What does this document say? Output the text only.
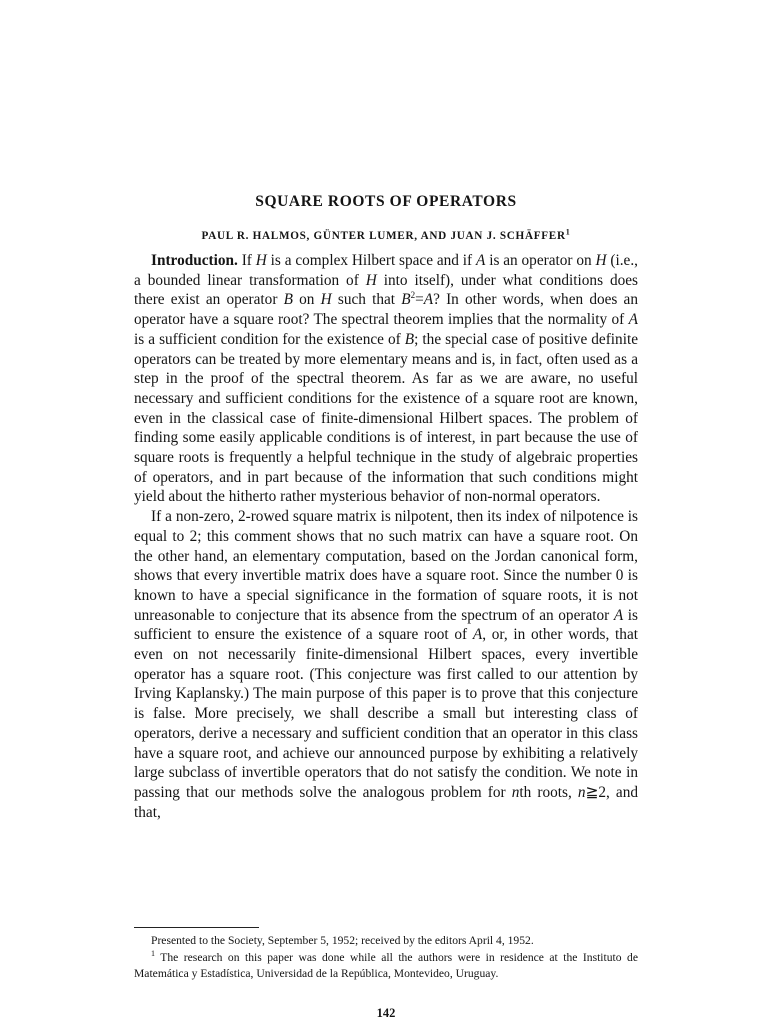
SQUARE ROOTS OF OPERATORS
PAUL R. HALMOS, GÜNTER LUMER, AND JUAN J. SCHÄFFER$^1$

Introduction. If H is a complex Hilbert space and if A is an operator on H (i.e., a bounded linear transformation of H into itself), under what conditions does there exist an operator B on H such that $B^2=A$? In other words, when does an operator have a square root? The spectral theorem implies that the normality of A is a sufficient condition for the existence of B; the special case of positive definite operators can be treated by more elementary means and is, in fact, often used as a step in the proof of the spectral theorem. As far as we are aware, no useful necessary and sufficient conditions for the existence of a square root are known, even in the classical case of finite-dimensional Hilbert spaces. The problem of finding some easily applicable conditions is of interest, in part because the use of square roots is frequently a helpful technique in the study of algebraic properties of operators, and in part because of the information that such conditions might yield about the hitherto rather mysterious behavior of non-normal operators.

If a non-zero, 2-rowed square matrix is nilpotent, then its index of nilpotence is equal to 2; this comment shows that no such matrix can have a square root. On the other hand, an elementary computation, based on the Jordan canonical form, shows that every invertible matrix does have a square root. Since the number 0 is known to have a special significance in the formation of square roots, it is not unreasonable to conjecture that its absence from the spectrum of an operator A is sufficient to ensure the existence of a square root of A, or, in other words, that even on not necessarily finite-dimensional Hilbert spaces, every invertible operator has a square root. (This conjecture was first called to our attention by Irving Kaplansky.) The main purpose of this paper is to prove that this conjecture is false. More precisely, we shall describe a small but interesting class of operators, derive a necessary and sufficient condition that an operator in this class have a square root, and achieve our announced purpose by exhibiting a relatively large subclass of invertible operators that do not satisfy the condition. We note in passing that our methods solve the analogous problem for nth roots, n≧2, and that,

Presented to the Society, September 5, 1952; received by the editors April 4, 1952.

$^1$ The research on this paper was done while all the authors were in residence at the Instituto de Matemática y Estadística, Universidad de la República, Montevideo, Uruguay.

142
